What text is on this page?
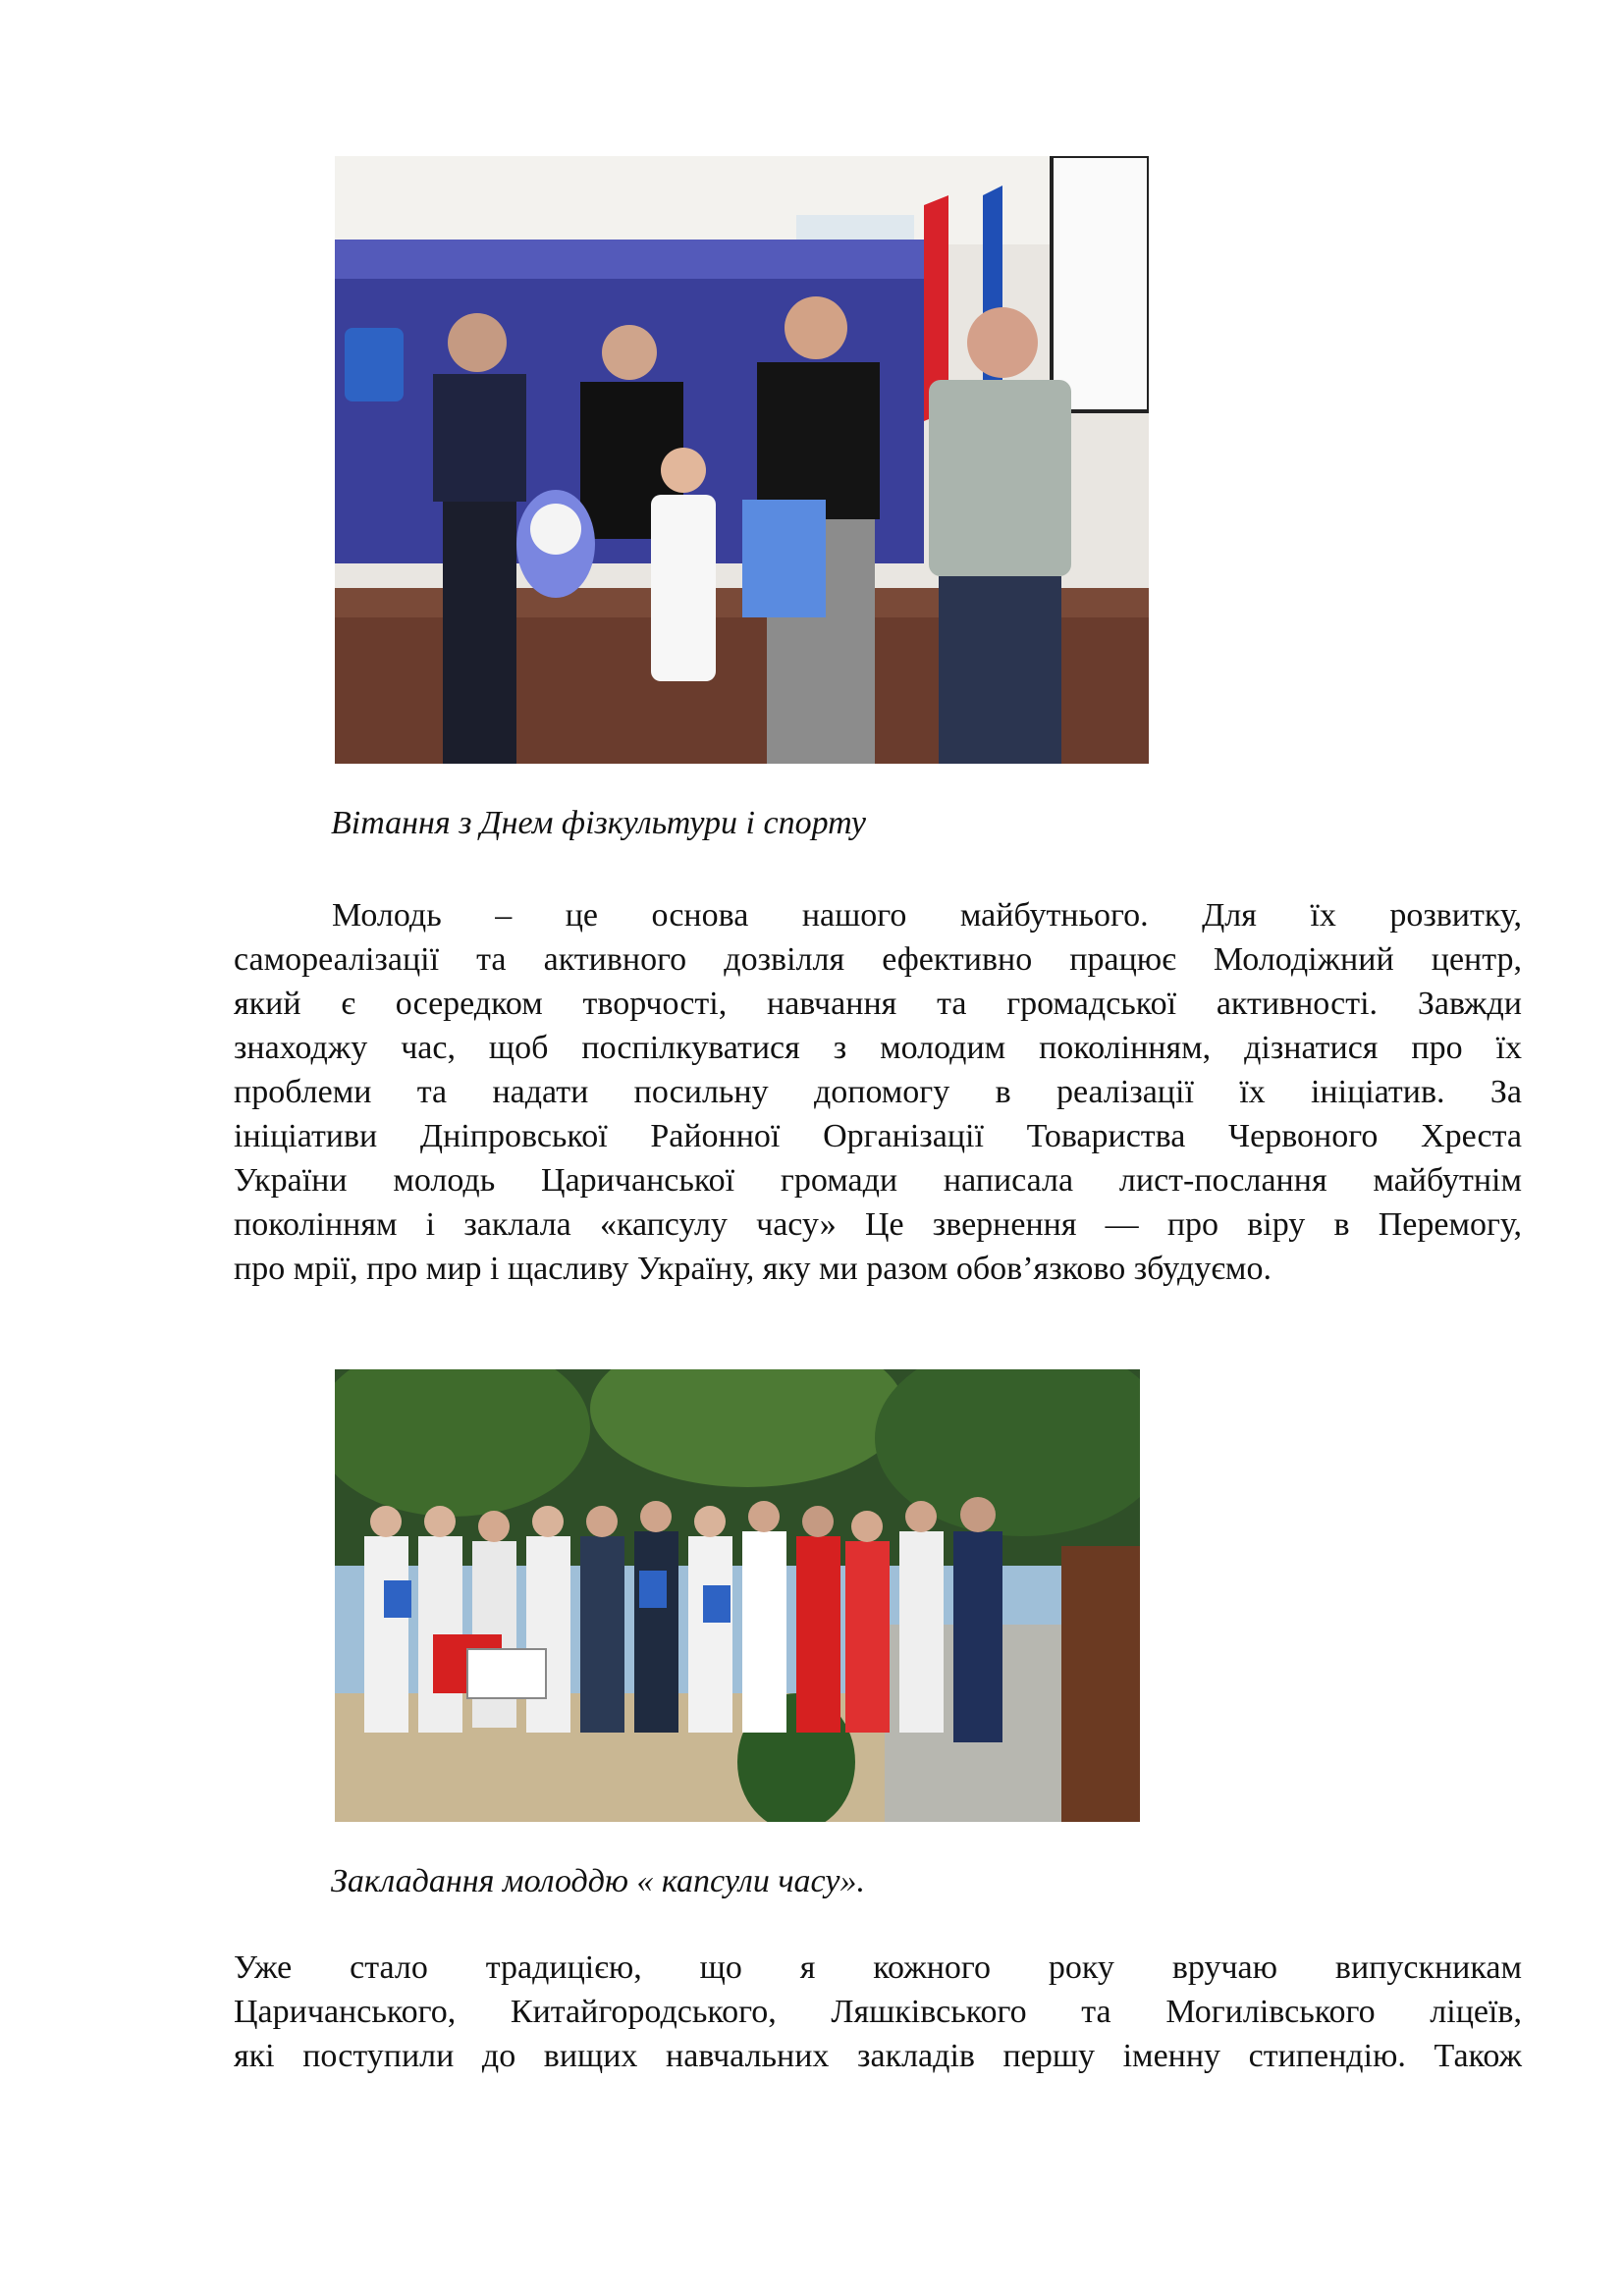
Вітання з Днем фізкультури і спорту
Молодь – це основа нашого майбутнього. Для їх розвитку,
самореалізації та активного дозвілля ефективно працює Молодіжний центр,
який є осередком творчості, навчання та громадської активності. Завжди
знаходжу час, щоб поспілкуватися з молодим поколінням, дізнатися про їх
проблеми та надати посильну допомогу в реалізації їх ініціатив. За
ініціативи Дніпровської Районної Організації Товариства Червоного Хреста
України молодь Царичанської громади написала лист-послання майбутнім
поколінням і заклала «капсулу часу» Це звернення — про віру в Перемогу,
про мрії, про мир і щасливу Україну, яку ми разом обов’язково збудуємо.
Закладання молоддю « капсули часу».
Уже стало традицією, що я кожного року вручаю випускникам
Царичанського, Китайгородського, Ляшківського та Могилівського ліцеїв,
які поступили до вищих навчальних закладів першу іменну стипендію. Також
